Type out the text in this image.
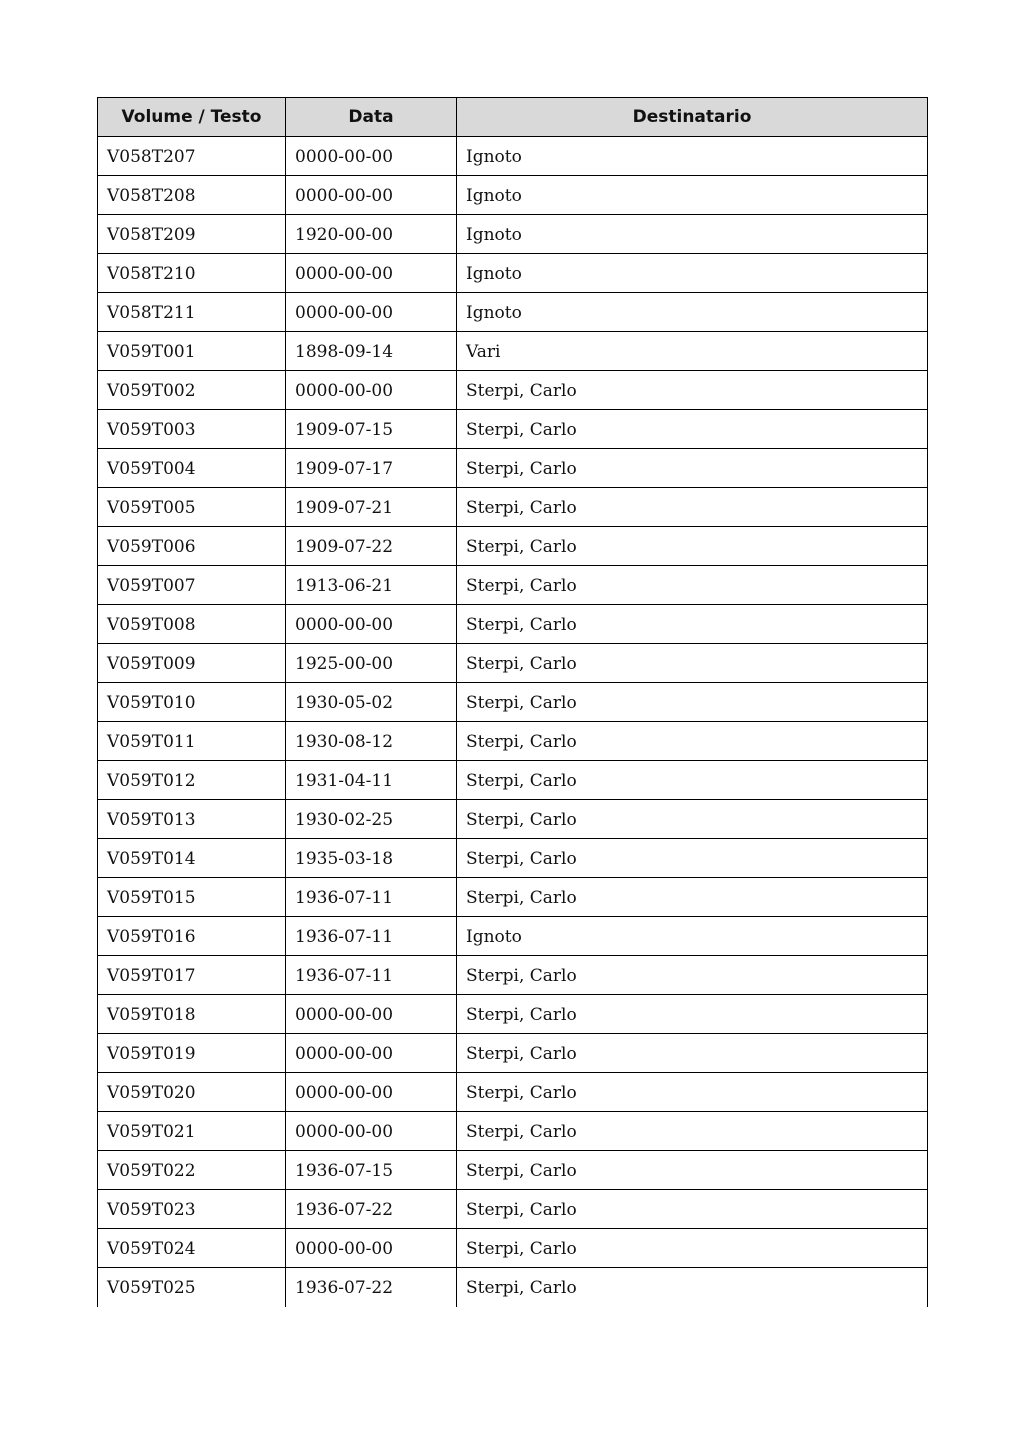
Volume / Testo	Data	Destinatario
V058T207	0000-00-00	Ignoto
V058T208	0000-00-00	Ignoto
V058T209	1920-00-00	Ignoto
V058T210	0000-00-00	Ignoto
V058T211	0000-00-00	Ignoto
V059T001	1898-09-14	Vari
V059T002	0000-00-00	Sterpi, Carlo
V059T003	1909-07-15	Sterpi, Carlo
V059T004	1909-07-17	Sterpi, Carlo
V059T005	1909-07-21	Sterpi, Carlo
V059T006	1909-07-22	Sterpi, Carlo
V059T007	1913-06-21	Sterpi, Carlo
V059T008	0000-00-00	Sterpi, Carlo
V059T009	1925-00-00	Sterpi, Carlo
V059T010	1930-05-02	Sterpi, Carlo
V059T011	1930-08-12	Sterpi, Carlo
V059T012	1931-04-11	Sterpi, Carlo
V059T013	1930-02-25	Sterpi, Carlo
V059T014	1935-03-18	Sterpi, Carlo
V059T015	1936-07-11	Sterpi, Carlo
V059T016	1936-07-11	Ignoto
V059T017	1936-07-11	Sterpi, Carlo
V059T018	0000-00-00	Sterpi, Carlo
V059T019	0000-00-00	Sterpi, Carlo
V059T020	0000-00-00	Sterpi, Carlo
V059T021	0000-00-00	Sterpi, Carlo
V059T022	1936-07-15	Sterpi, Carlo
V059T023	1936-07-22	Sterpi, Carlo
V059T024	0000-00-00	Sterpi, Carlo
V059T025	1936-07-22	Sterpi, Carlo
